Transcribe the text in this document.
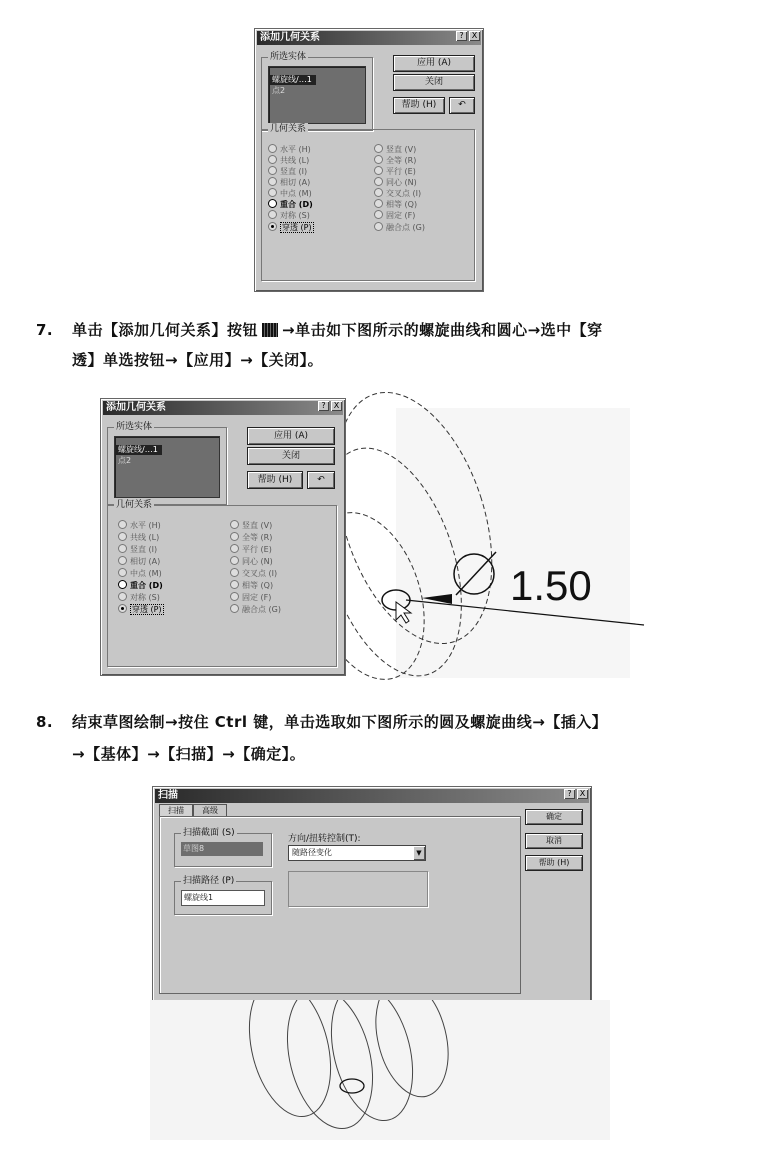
添加几何关系	?	X
所选实体
螺旋线/…1
点2
应用 (A)
关闭
帮助 (H)	↶
几何关系
水平 (H)
共线 (L)
竖直 (I)
相切 (A)
中点 (M)
重合 (D)
对称 (S)
穿透 (P)
竖直 (V)
全等 (R)
平行 (E)
同心 (N)
交叉点 (I)
相等 (Q)
固定 (F)
融合点 (G)
7. 单击【添加几何关系】按钮 →单击如下图所示的螺旋曲线和圆心→选中【穿
透】单选按钮→【应用】→【关闭】。
1.50
添加几何关系	?	X
所选实体
螺旋线/…1
点2
应用 (A)
关闭
帮助 (H)	↶
几何关系
水平 (H)
共线 (L)
竖直 (I)
相切 (A)
中点 (M)
重合 (D)
对称 (S)
穿透 (P)
竖直 (V)
全等 (R)
平行 (E)
同心 (N)
交叉点 (I)
相等 (Q)
固定 (F)
融合点 (G)
8. 结束草图绘制→按住 Ctrl 键，单击选取如下图所示的圆及螺旋曲线→【插入】
→【基体】→【扫描】→【确定】。
扫描	?	X
扫描	高级
扫描截面 (S)
草图8
扫描路径 (P)
螺旋线1
方向/扭转控制(T):
随路径变化	▼
确定
取消
帮助 (H)
